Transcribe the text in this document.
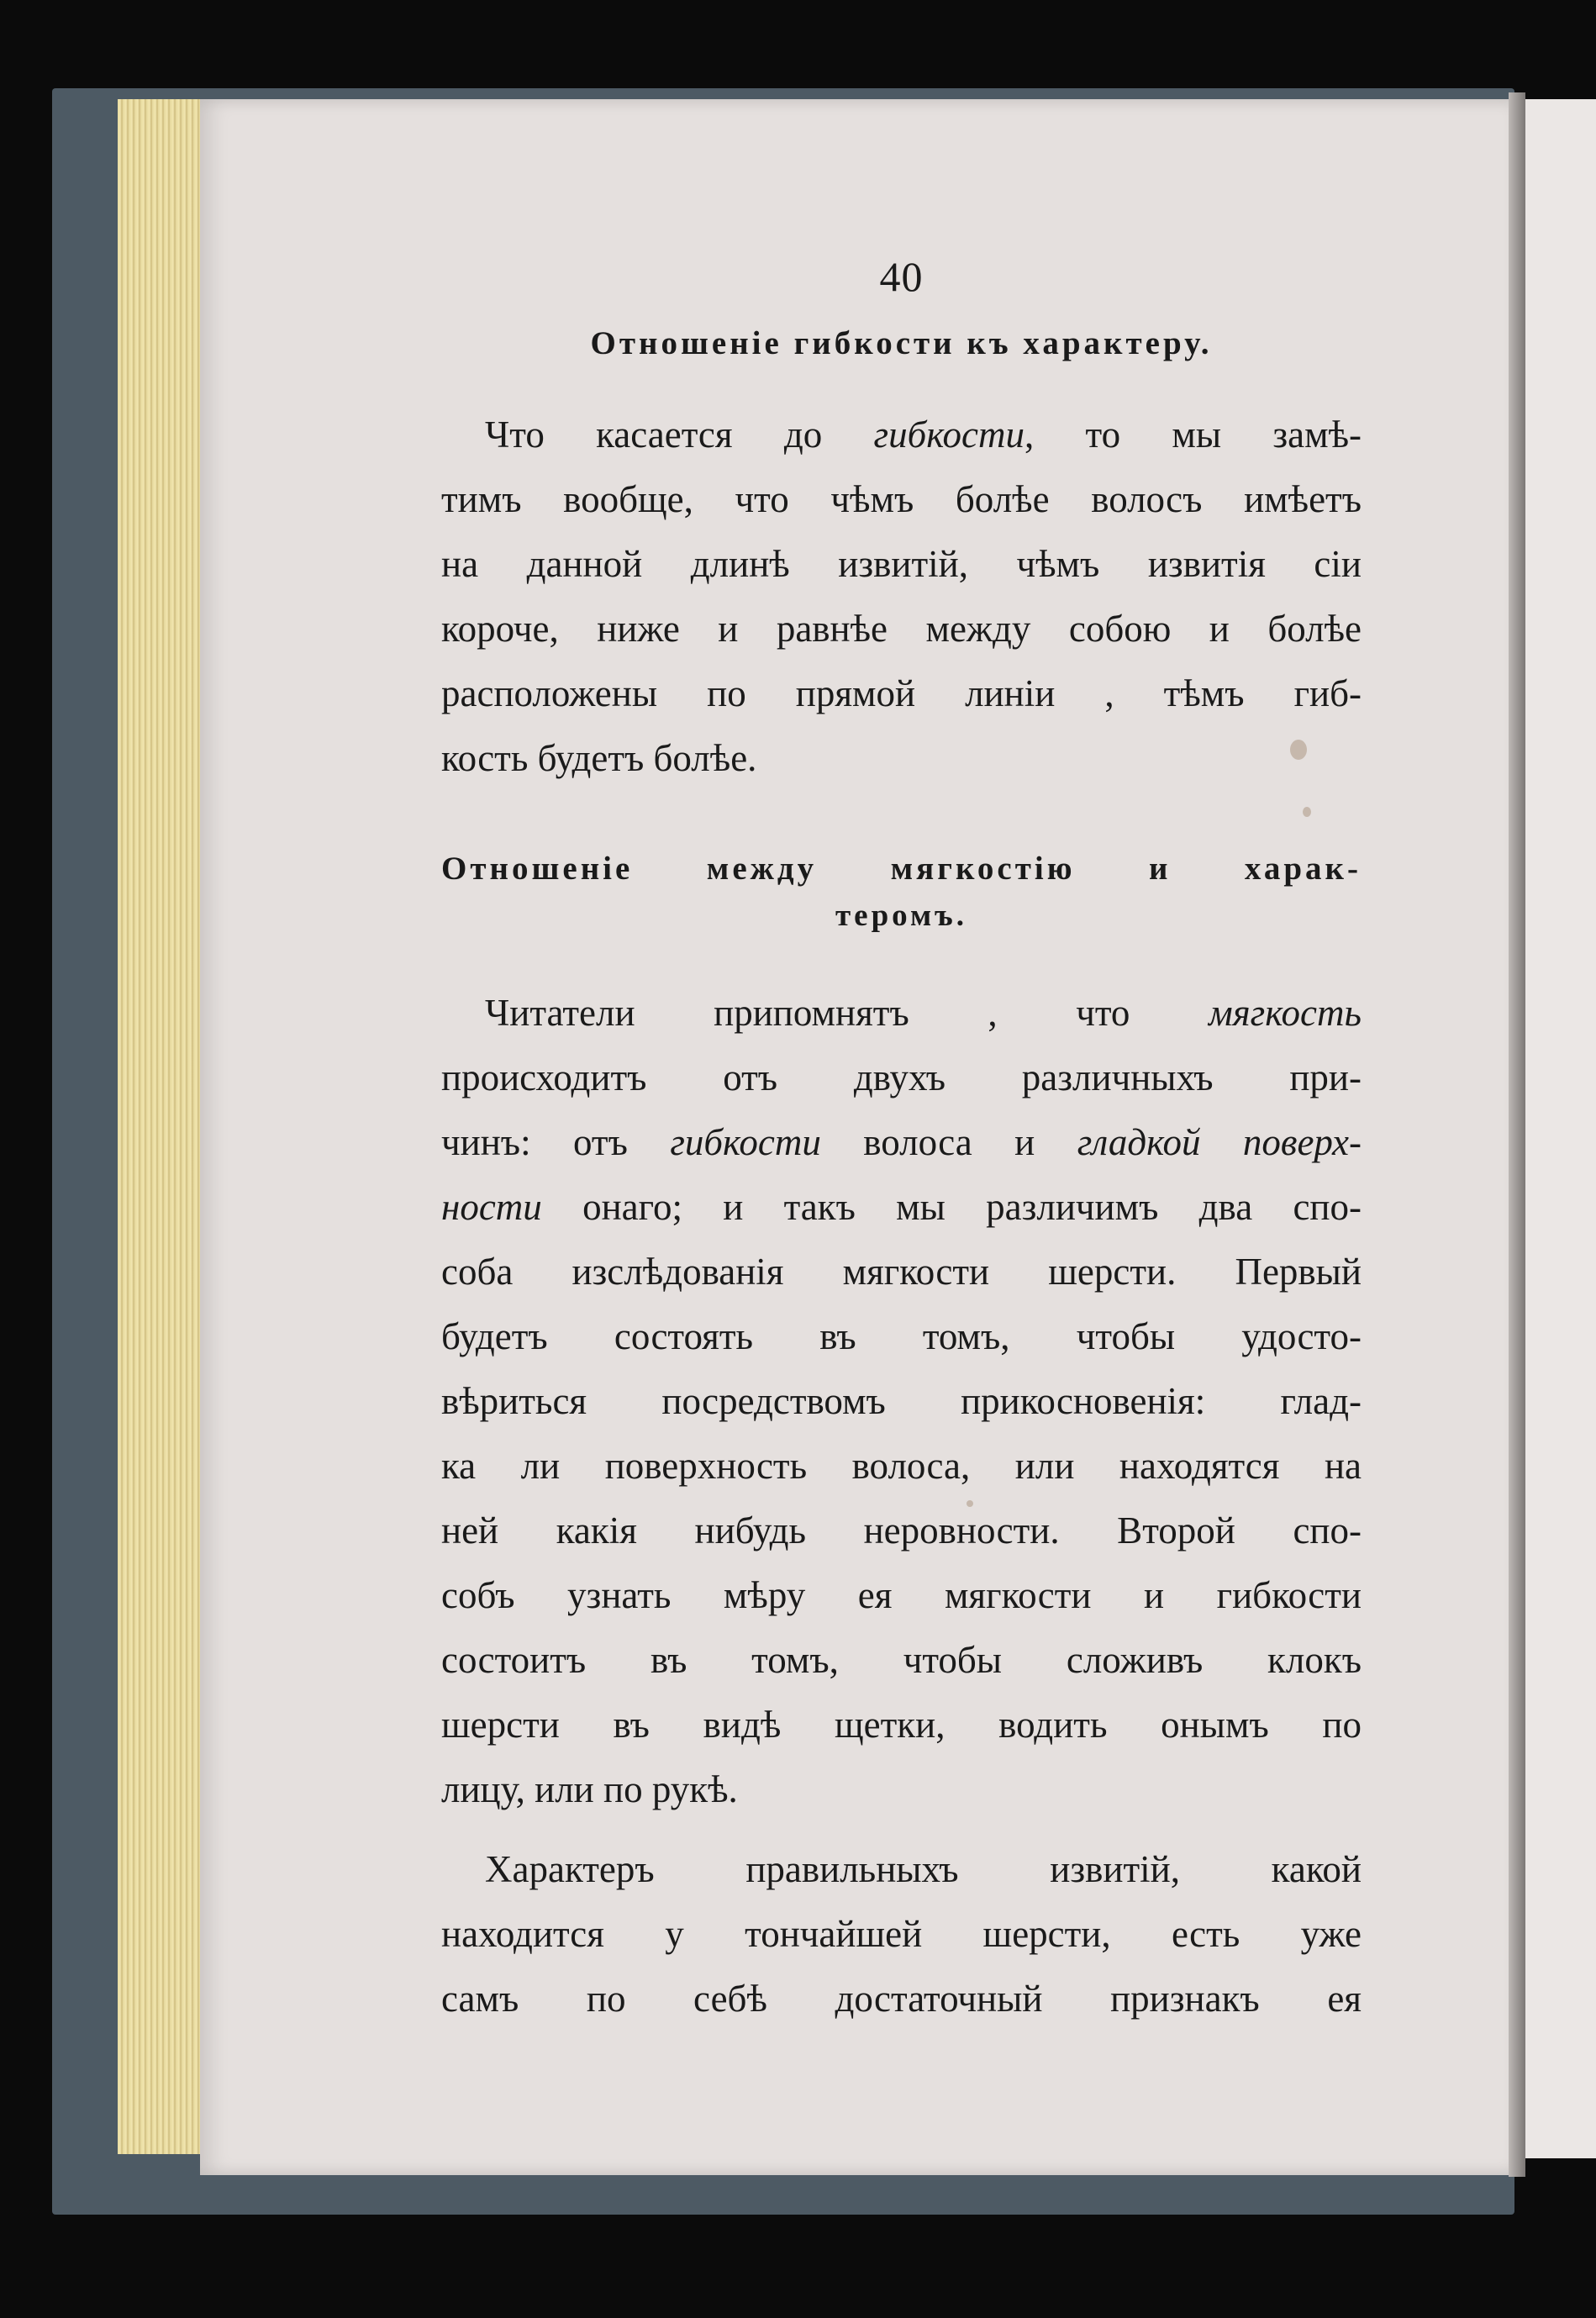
40
Отношеніе гибкости къ характеру.
Что касается до гибкости, то мы замѣ-
тимъ вообще, что чѣмъ болѣе волосъ имѣетъ
на данной длинѣ извитій, чѣмъ извитія сіи
короче, ниже и равнѣе между собою и болѣе
расположены по прямой линіи , тѣмъ гиб-
кость будетъ болѣе.
Отношеніе между мягкостію и харак-
теромъ.
Читатели припомнятъ , что мягкость
происходитъ отъ двухъ различныхъ при-
чинъ: отъ гибкости волоса и гладкой поверх-
ности онаго; и такъ мы различимъ два спо-
соба изслѣдованія мягкости шерсти. Первый
будетъ состоять въ томъ, чтобы удосто-
вѣриться посредствомъ прикосновенія: глад-
ка ли поверхность волоса, или находятся на
ней какія нибудь неровности. Второй спо-
собъ узнать мѣру ея мягкости и гибкости
состоитъ въ томъ, чтобы сложивъ клокъ
шерсти въ видѣ щетки, водить онымъ по
лицу, или по рукѣ.
Характеръ правильныхъ извитій, какой
находится у тончайшей шерсти, есть уже
самъ по себѣ достаточный признакъ ея
